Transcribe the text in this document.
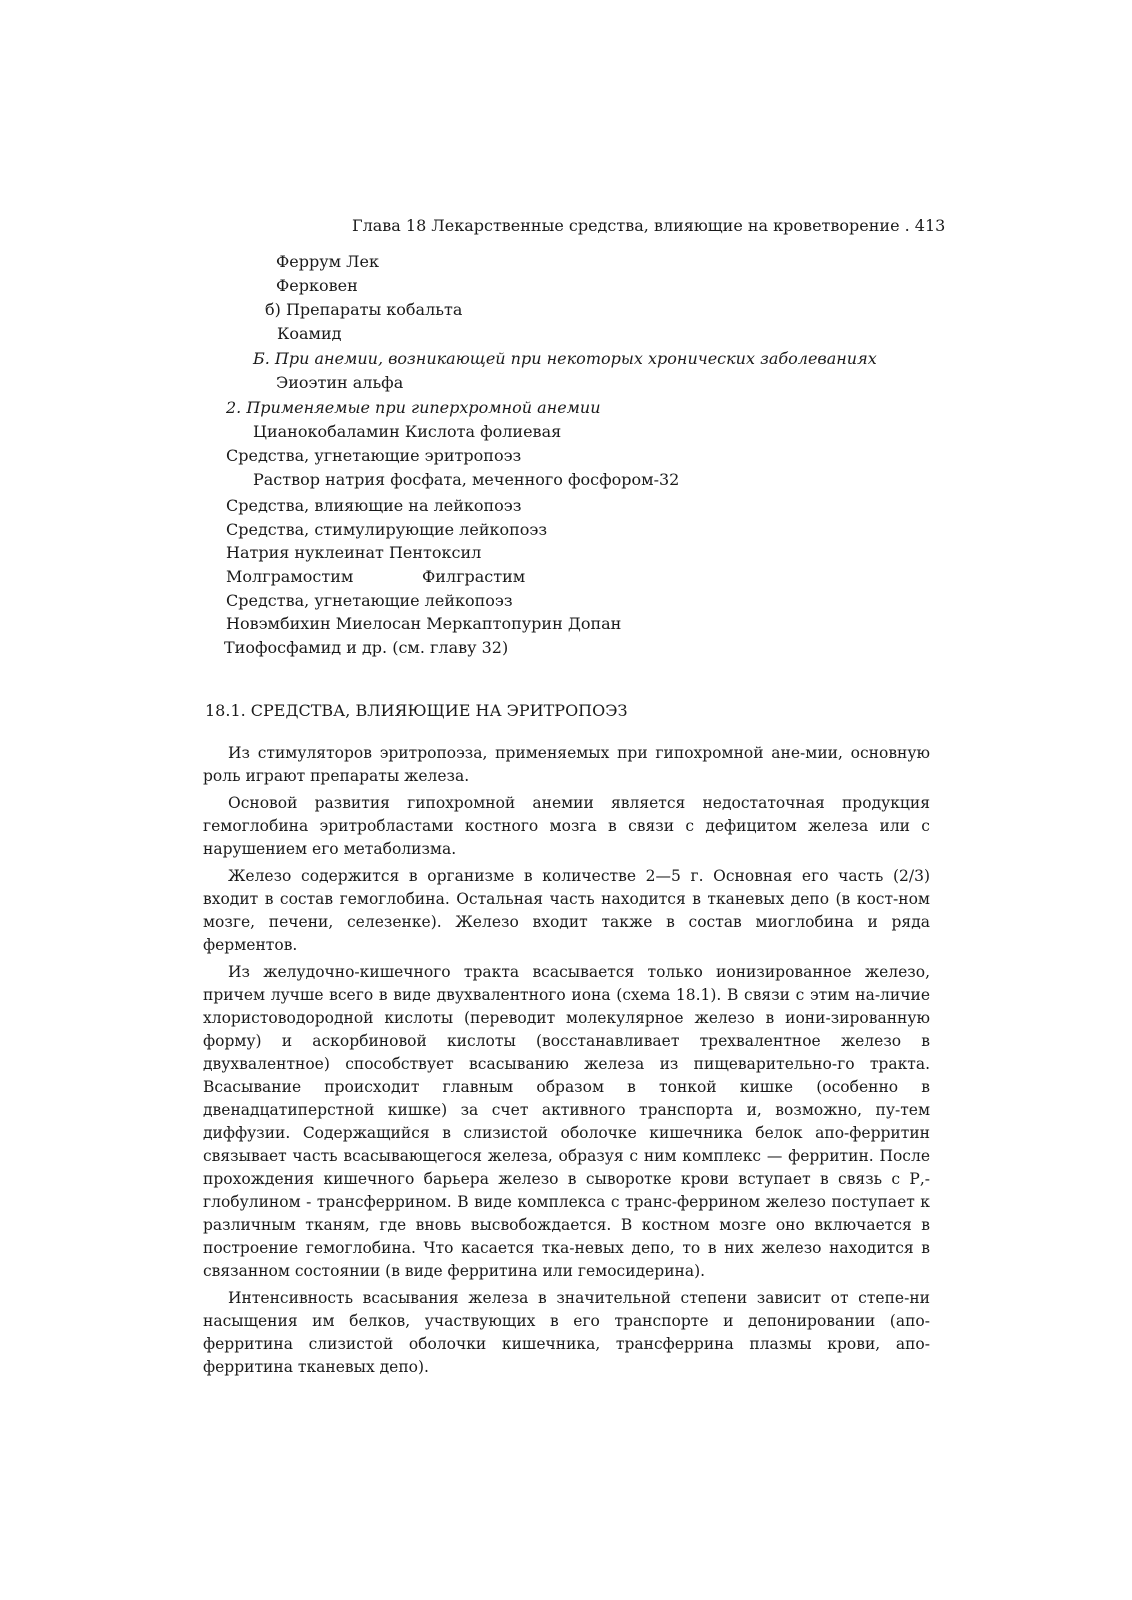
Глава 18 Лекарственные средства, влияющие на кроветворение . 413
Феррум Лек
Ферковен
б) Препараты кобальта
Коамид
Б. При анемии, возникающей при некоторых хронических заболеваниях
Эиоэтин альфа
2. Применяемые при гиперхромной анемии
Цианокобаламин Кислота фолиевая
Средства, угнетающие эритропоэз
Раствор натрия фосфата, меченного фосфором-32
Средства, влияющие на лейкопоэз
Средства, стимулирующие лейкопоэз
Натрия нуклеинат Пентоксил
Молграмостим	Филграстим
Средства, угнетающие лейкопоэз
Новэмбихин Миелосан Меркаптопурин Допан
Тиофосфамид и др. (см. главу 32)
18.1. СРЕДСТВА, ВЛИЯЮЩИЕ НА ЭРИТРОПОЭЗ

Из стимуляторов эритропоэза, применяемых при гипохромной ане-мии, основную роль играют препараты железа.

Основой развития гипохромной анемии является недостаточная продукция гемоглобина эритробластами костного мозга в связи с дефицитом железа или с нарушением его метаболизма.

Железо содержится в организме в количестве 2—5 г. Основная его часть (2/3) входит в состав гемоглобина. Остальная часть находится в тканевых депо (в кост-ном мозге, печени, селезенке). Железо входит также в состав миоглобина и ряда ферментов.

Из желудочно-кишечного тракта всасывается только ионизированное железо, причем лучше всего в виде двухвалентного иона (схема 18.1). В связи с этим на-личие хлористоводородной кислоты (переводит молекулярное железо в иони-зированную форму) и аскорбиновой кислоты (восстанавливает трехвалентное железо в двухвалентное) способствует всасыванию железа из пищеварительно-го тракта. Всасывание происходит главным образом в тонкой кишке (особенно в двенадцатиперстной кишке) за счет активного транспорта и, возможно, пу-тем диффузии. Содержащийся в слизистой оболочке кишечника белок апо-ферритин связывает часть всасывающегося железа, образуя с ним комплекс — ферритин. После прохождения кишечного барьера железо в сыворотке крови вступает в связь с Р,-глобулином - трансферрином. В виде комплекса с транс-феррином железо поступает к различным тканям, где вновь высвобождается. В костном мозге оно включается в построение гемоглобина. Что касается тка-невых депо, то в них железо находится в связанном состоянии (в виде ферритина или гемосидерина).

Интенсивность всасывания железа в значительной степени зависит от степе-ни насыщения им белков, участвующих в его транспорте и депонировании (апо-ферритина слизистой оболочки кишечника, трансферрина плазмы крови, апо-ферритина тканевых депо).
